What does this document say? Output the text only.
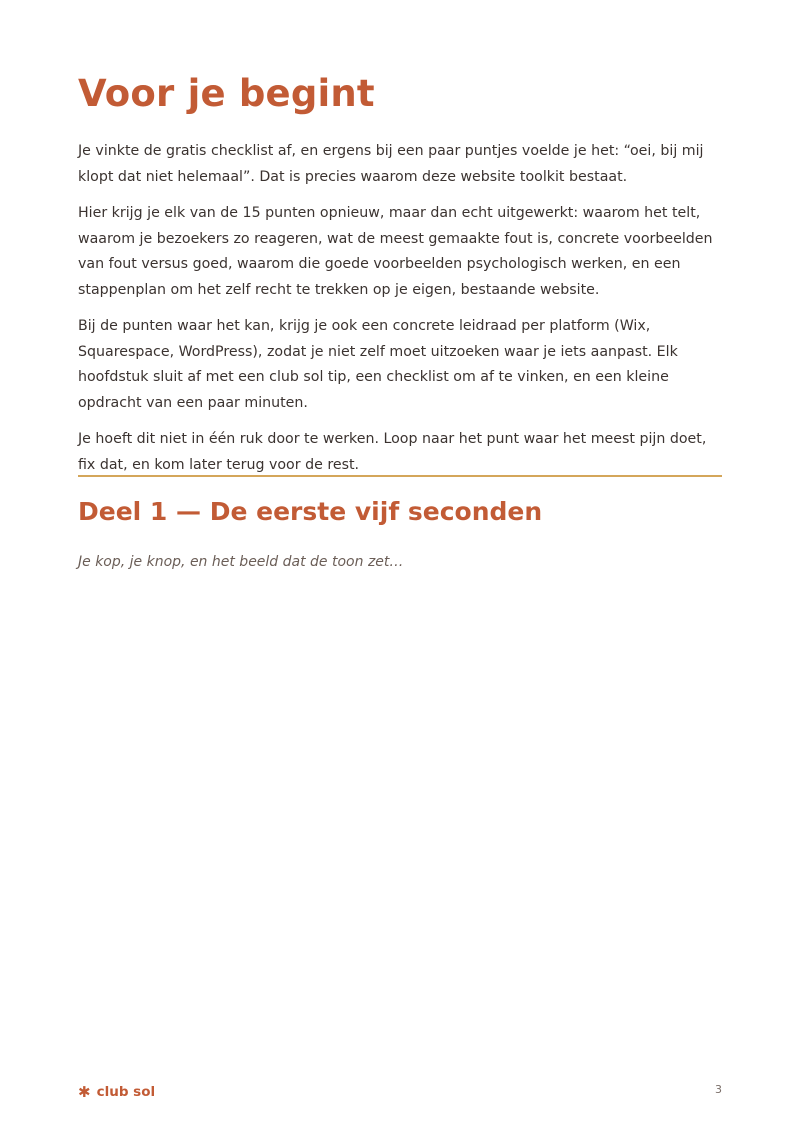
Voor je begint

Je vinkte de gratis checklist af, en ergens bij een paar puntjes voelde je het: “oei, bij mij klopt dat niet helemaal”. Dat is precies waarom deze website toolkit bestaat.

Hier krijg je elk van de 15 punten opnieuw, maar dan echt uitgewerkt: waarom het telt, waarom je bezoekers zo reageren, wat de meest gemaakte fout is, concrete voorbeelden van fout versus goed, waarom die goede voorbeelden psychologisch werken, en een stappenplan om het zelf recht te trekken op je eigen, bestaande website.

Bij de punten waar het kan, krijg je ook een concrete leidraad per platform (Wix, Squarespace, WordPress), zodat je niet zelf moet uitzoeken waar je iets aanpast. Elk hoofdstuk sluit af met een club sol tip, een checklist om af te vinken, en een kleine opdracht van een paar minuten.

Je hoeft dit niet in één ruk door te werken. Loop naar het punt waar het meest pijn doet, fix dat, en kom later terug voor de rest.

Deel 1 — De eerste vijf seconden

Je kop, je knop, en het beeld dat de toon zet…

✱ club sol	3
